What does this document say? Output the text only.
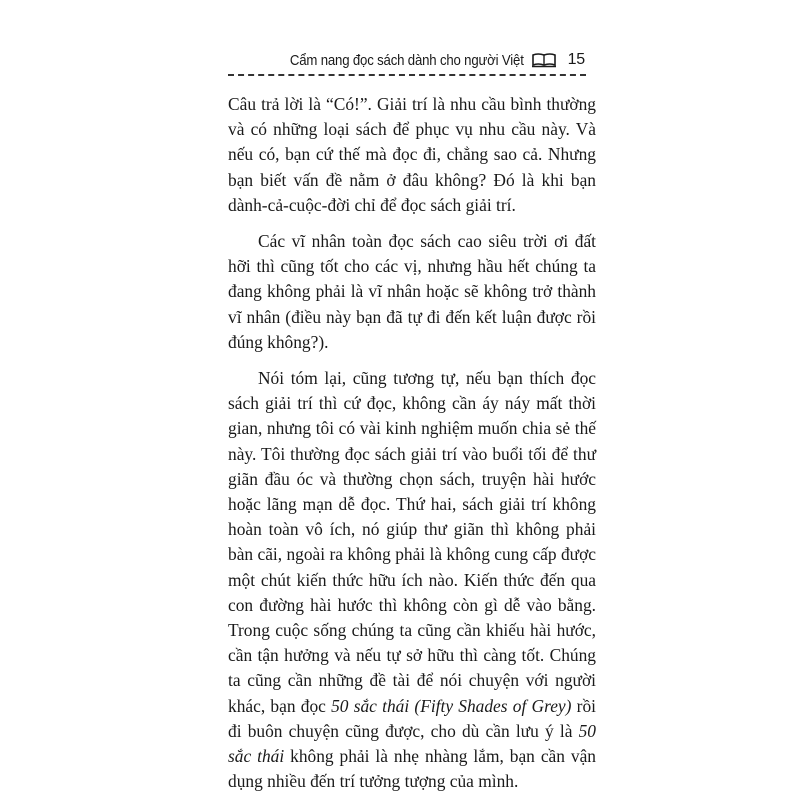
Cẩm nang đọc sách dành cho người Việt	15

Câu trả lời là “Có!”. Giải trí là nhu cầu bình thường và có những loại sách để phục vụ nhu cầu này. Và nếu có, bạn cứ thế mà đọc đi, chẳng sao cả. Nhưng bạn biết vấn đề nằm ở đâu không? Đó là khi bạn dành-cả-cuộc-đời chỉ để đọc sách giải trí.

Các vĩ nhân toàn đọc sách cao siêu trời ơi đất hỡi thì cũng tốt cho các vị, nhưng hầu hết chúng ta đang không phải là vĩ nhân hoặc sẽ không trở thành vĩ nhân (điều này bạn đã tự đi đến kết luận được rồi đúng không?).

Nói tóm lại, cũng tương tự, nếu bạn thích đọc sách giải trí thì cứ đọc, không cần áy náy mất thời gian, nhưng tôi có vài kinh nghiệm muốn chia sẻ thế này. Tôi thường đọc sách giải trí vào buổi tối để thư giãn đầu óc và thường chọn sách, truyện hài hước hoặc lãng mạn dễ đọc. Thứ hai, sách giải trí không hoàn toàn vô ích, nó giúp thư giãn thì không phải bàn cãi, ngoài ra không phải là không cung cấp được một chút kiến thức hữu ích nào. Kiến thức đến qua con đường hài hước thì không còn gì dễ vào bằng. Trong cuộc sống chúng ta cũng cần khiếu hài hước, cần tận hưởng và nếu tự sở hữu thì càng tốt. Chúng ta cũng cần những đề tài để nói chuyện với người khác, bạn đọc 50 sắc thái (Fifty Shades of Grey) rồi đi buôn chuyện cũng được, cho dù cần lưu ý là 50 sắc thái không phải là nhẹ nhàng lắm, bạn cần vận dụng nhiều đến trí tưởng tượng của mình.
